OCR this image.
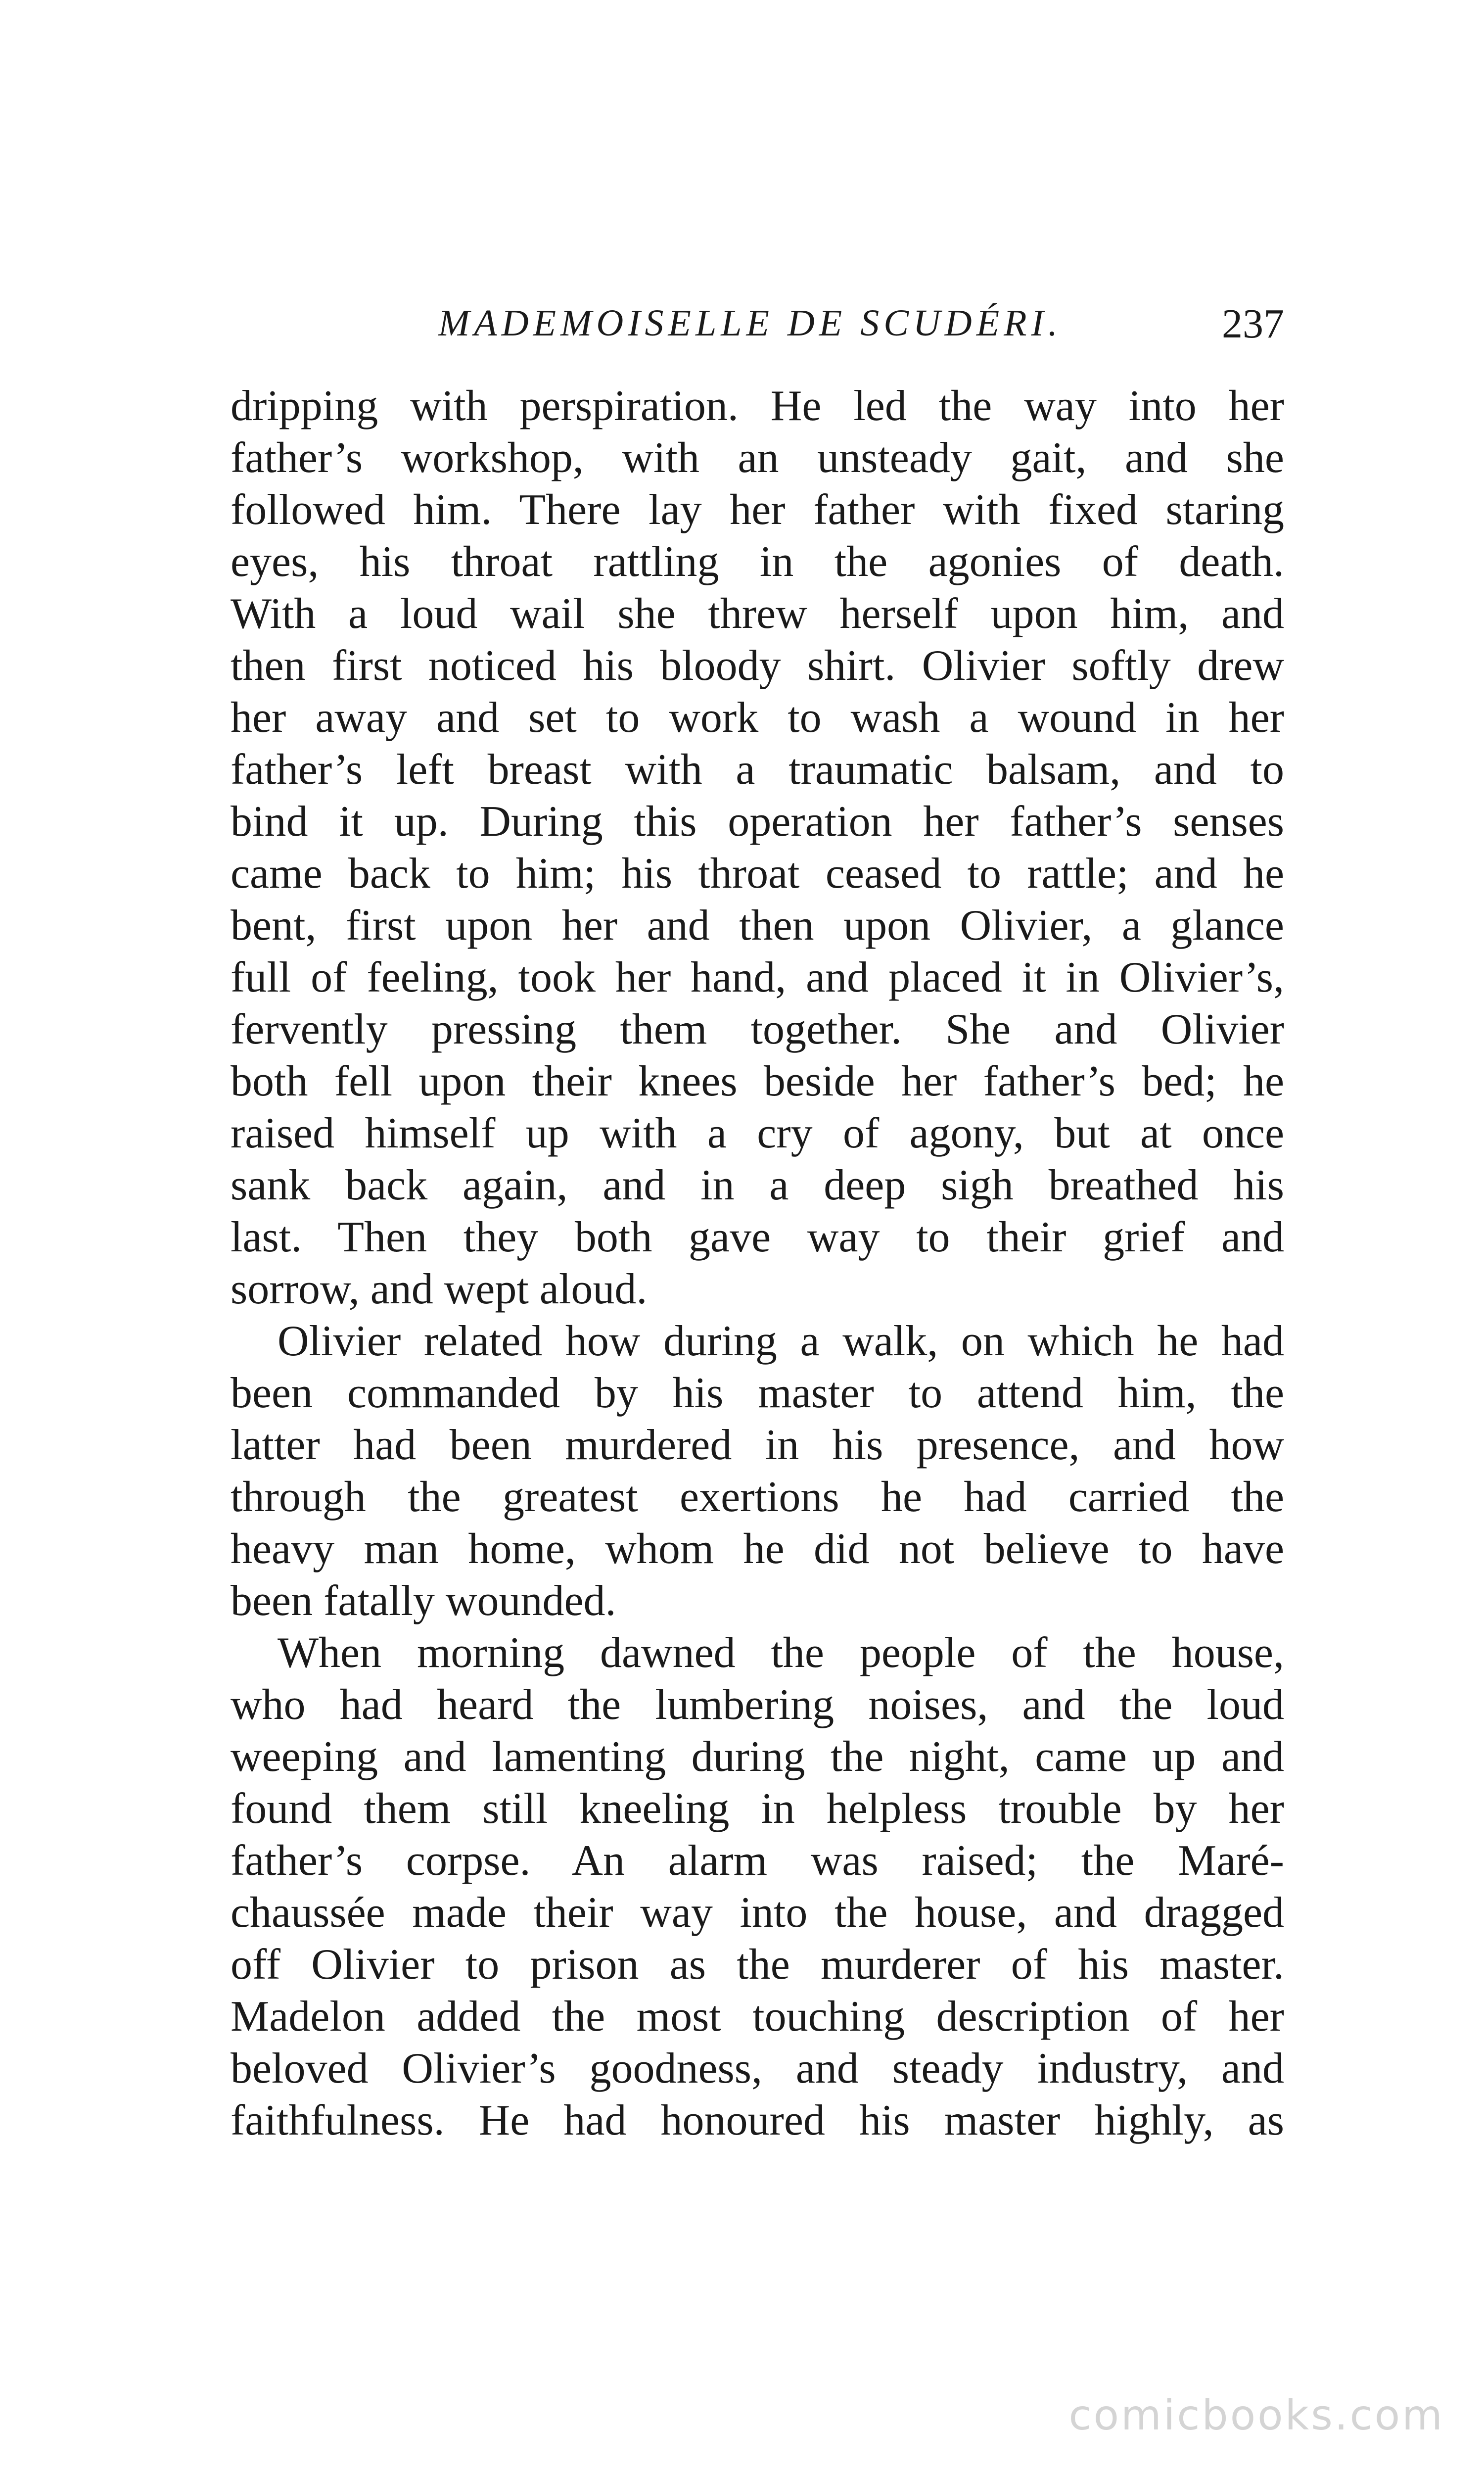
MADEMOISELLE DE SCUDÉRI.	237
dripping with perspiration. He led the way into her
father’s workshop, with an unsteady gait, and she
followed him. There lay her father with fixed staring
eyes, his throat rattling in the agonies of death.
With a loud wail she threw herself upon him, and
then first noticed his bloody shirt. Olivier softly drew
her away and set to work to wash a wound in her
father’s left breast with a traumatic balsam, and to
bind it up. During this operation her father’s senses
came back to him; his throat ceased to rattle; and he
bent, first upon her and then upon Olivier, a glance
full of feeling, took her hand, and placed it in Olivier’s,
fervently pressing them together. She and Olivier
both fell upon their knees beside her father’s bed; he
raised himself up with a cry of agony, but at once
sank back again, and in a deep sigh breathed his
last. Then they both gave way to their grief and
sorrow, and wept aloud.
Olivier related how during a walk, on which he had
been commanded by his master to attend him, the
latter had been murdered in his presence, and how
through the greatest exertions he had carried the
heavy man home, whom he did not believe to have
been fatally wounded.
When morning dawned the people of the house,
who had heard the lumbering noises, and the loud
weeping and lamenting during the night, came up and
found them still kneeling in helpless trouble by her
father’s corpse. An alarm was raised; the Maré-
chaussée made their way into the house, and dragged
off Olivier to prison as the murderer of his master.
Madelon added the most touching description of her
beloved Olivier’s goodness, and steady industry, and
faithfulness. He had honoured his master highly, as
comicbooks.com
